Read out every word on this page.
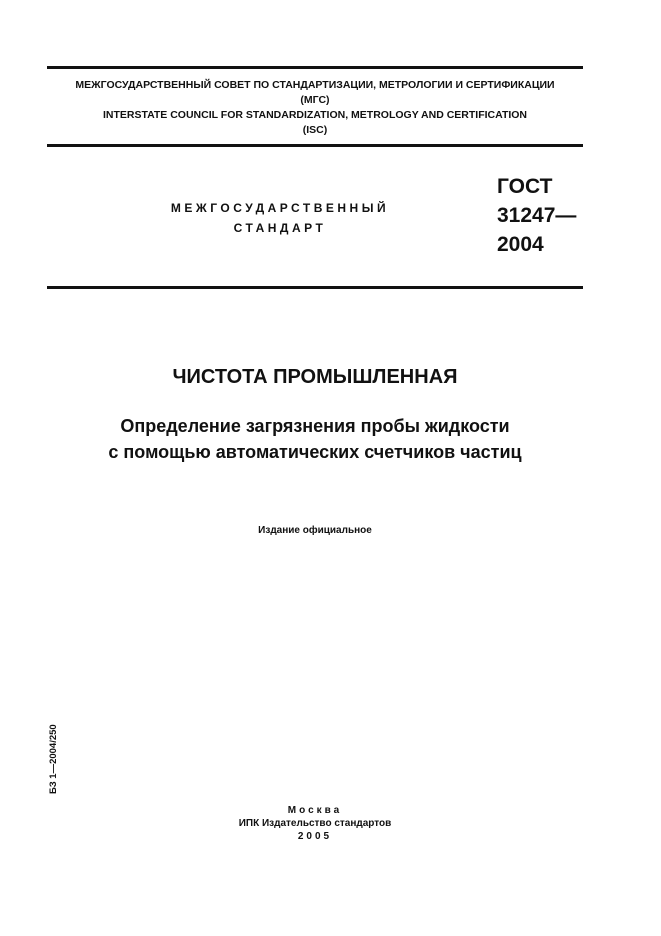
МЕЖГОСУДАРСТВЕННЫЙ СОВЕТ ПО СТАНДАРТИЗАЦИИ, МЕТРОЛОГИИ И СЕРТИФИКАЦИИ
(МГС)
INTERSTATE COUNCIL FOR STANDARDIZATION, METROLOGY AND CERTIFICATION
(ISC)
МЕЖГОСУДАРСТВЕННЫЙ
СТАНДАРТ
ГОСТ
31247—
2004
ЧИСТОТА ПРОМЫШЛЕННАЯ
Определение загрязнения пробы жидкости
с помощью автоматических счетчиков частиц
Издание официальное
БЗ 1—2004/250
Москва
ИПК Издательство стандартов
2005
